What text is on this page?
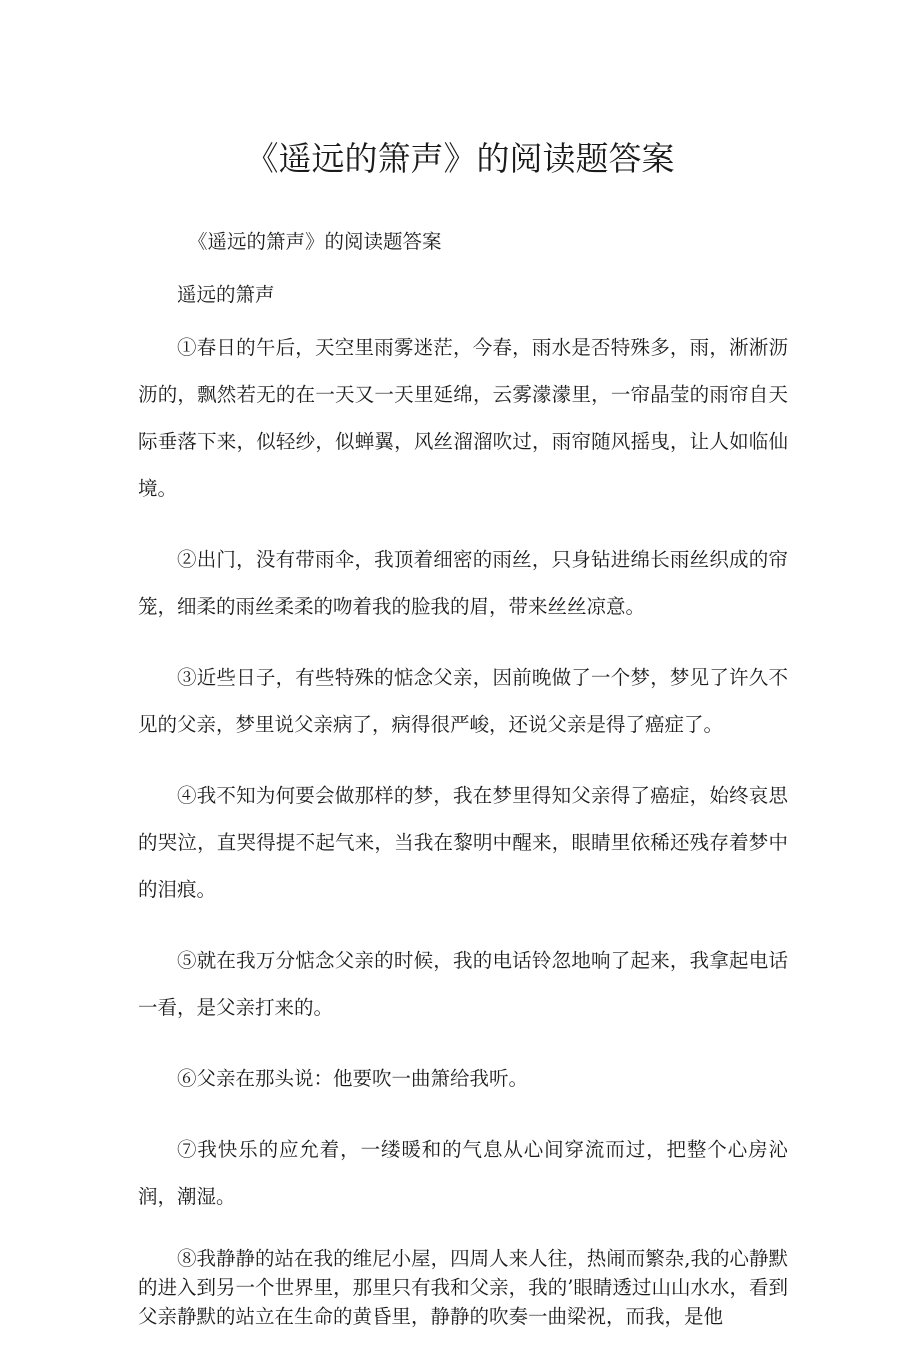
《遥远的箫声》的阅读题答案

《遥远的箫声》的阅读题答案

遥远的箫声

①春日的午后，天空里雨雾迷茫，今春，雨水是否特殊多，雨，淅淅沥沥的，飘然若无的在一天又一天里延绵，云雾濛濛里，一帘晶莹的雨帘自天际垂落下来，似轻纱，似蝉翼，风丝溜溜吹过，雨帘随风摇曳，让人如临仙境。

②出门，没有带雨伞，我顶着细密的雨丝，只身钻进绵长雨丝织成的帘笼，细柔的雨丝柔柔的吻着我的脸我的眉，带来丝丝凉意。

③近些日子，有些特殊的惦念父亲，因前晚做了一个梦，梦见了许久不见的父亲，梦里说父亲病了，病得很严峻，还说父亲是得了癌症了。

④我不知为何要会做那样的梦，我在梦里得知父亲得了癌症，始终哀思的哭泣，直哭得提不起气来，当我在黎明中醒来，眼睛里依稀还残存着梦中的泪痕。

⑤就在我万分惦念父亲的时候，我的电话铃忽地响了起来，我拿起电话一看，是父亲打来的。

⑥父亲在那头说：他要吹一曲箫给我听。

⑦我快乐的应允着，一缕暖和的气息从心间穿流而过，把整个心房沁润，潮湿。

⑧我静静的站在我的维尼小屋，四周人来人往，热闹而繁杂,我的心静默的进入到另一个世界里，那里只有我和父亲，我的’眼睛透过山山水水，看到父亲静默的站立在生命的黄昏里，静静的吹奏一曲梁祝，而我，是他
